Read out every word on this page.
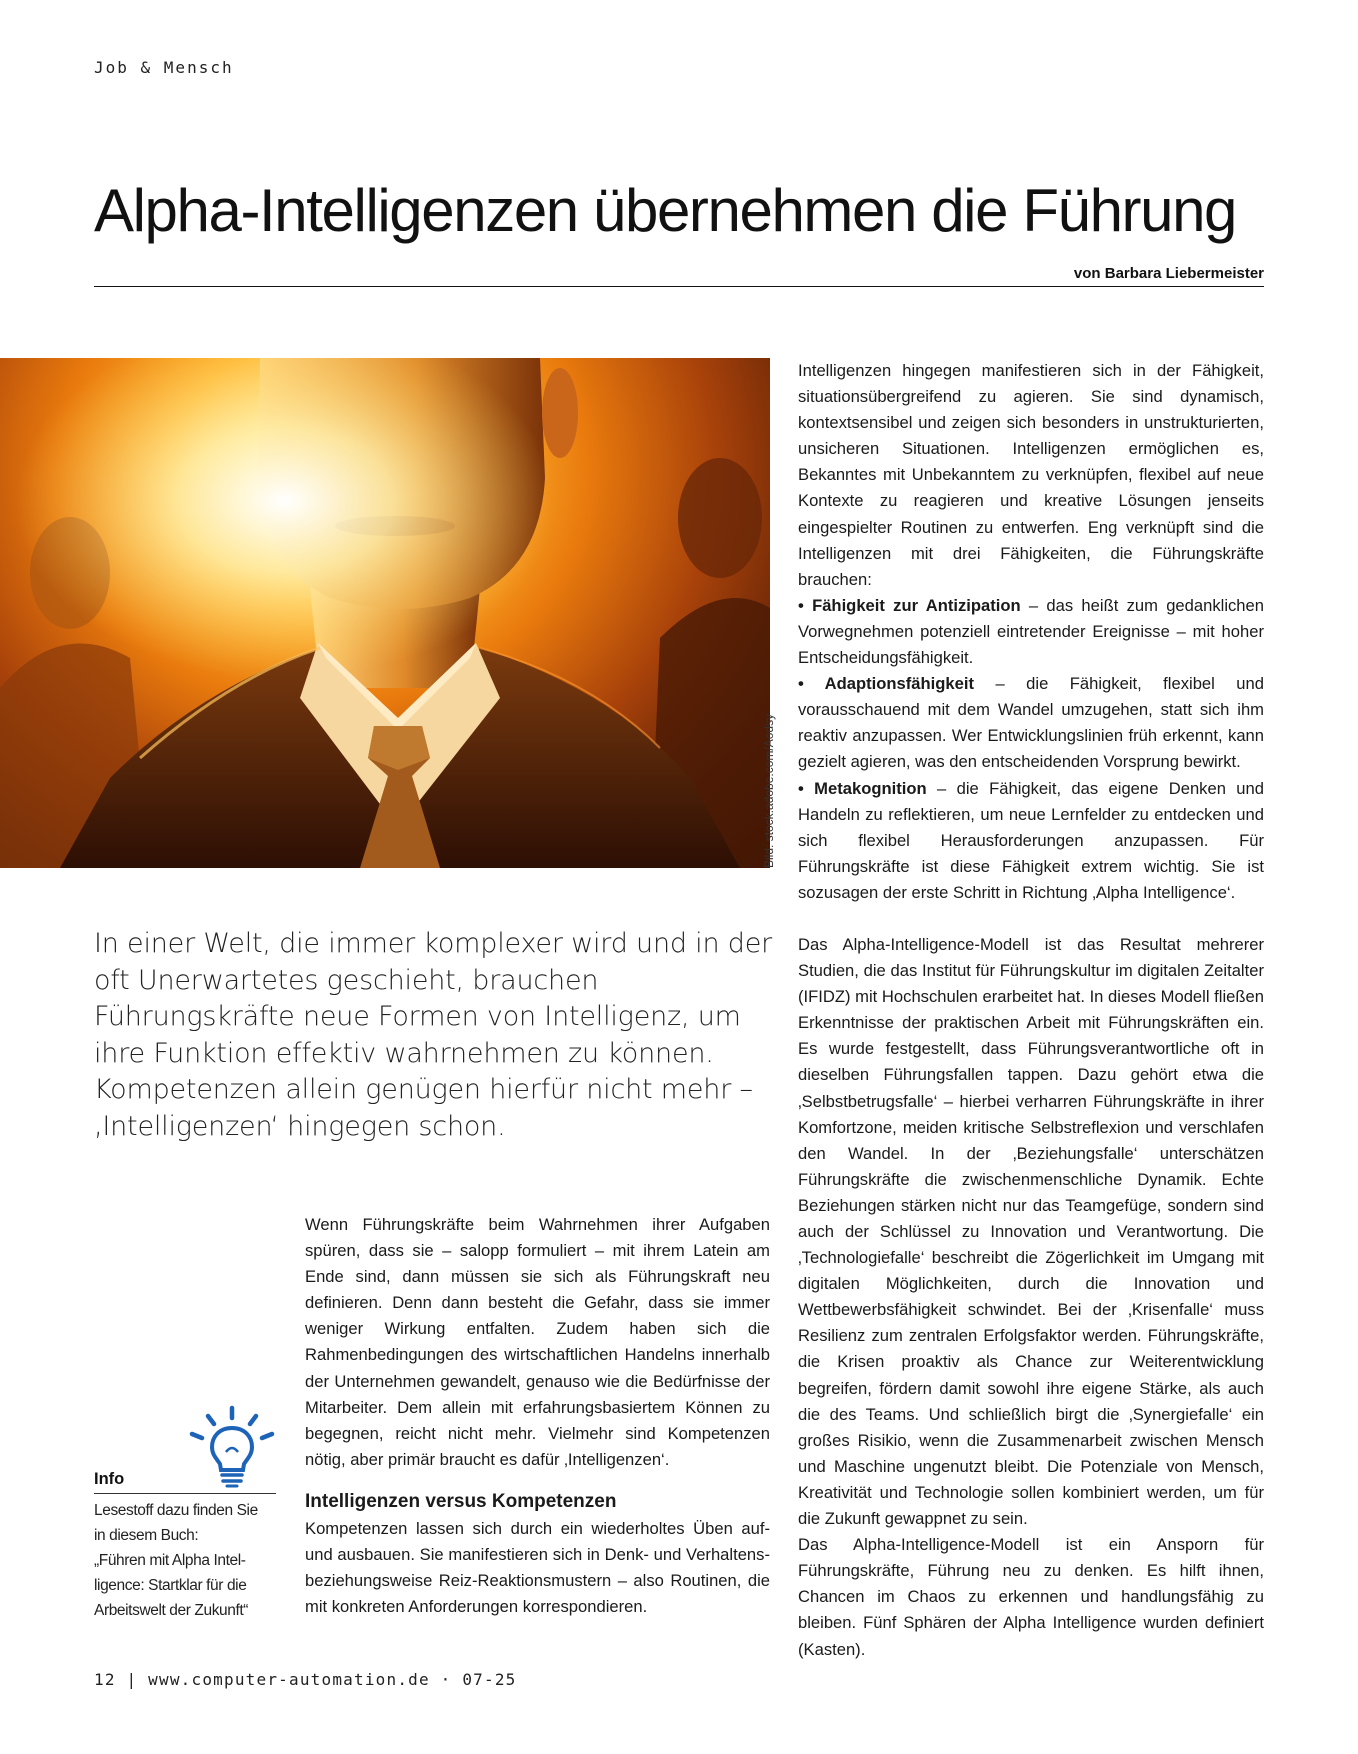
Job & Mensch
Alpha-Intelligenzen übernehmen die Führung
von Barbara Liebermeister
Bild: stock.adobe.com/Aodsy
In einer Welt, die immer komplexer wird und in der oft Unerwartetes geschieht, brauchen Führungskräfte neue Formen von Intelligenz, um ihre Funktion effektiv wahrnehmen zu können. Kompetenzen allein genügen hierfür nicht mehr – ‚Intelligenzen‘ hingegen schon.

Wenn Führungskräfte beim Wahrnehmen ihrer Aufgaben spüren, dass sie – salopp formuliert – mit ihrem Latein am Ende sind, dann müssen sie sich als Führungskraft neu definieren. Denn dann besteht die Gefahr, dass sie immer weniger Wirkung entfalten. Zudem haben sich die Rahmenbedingungen des wirtschaftlichen Handelns innerhalb der Unternehmen gewandelt, genauso wie die Bedürfnisse der Mitarbeiter. Dem allein mit erfahrungsbasiertem Können zu begegnen, reicht nicht mehr. Vielmehr sind Kompetenzen nötig, aber primär braucht es dafür ‚Intelligenzen‘.

Intelligenzen versus Kompetenzen

Kompetenzen lassen sich durch ein wiederholtes Üben auf- und ausbauen. Sie manifestieren sich in Denk- und Verhaltens- beziehungsweise Reiz-Reaktionsmustern – also Routinen, die mit konkreten Anforderungen korrespondieren.

Info
Lesestoff dazu finden Sie
in diesem Buch:
„Führen mit Alpha Intel-
ligence: Startklar für die
Arbeitswelt der Zukunft“

Intelligenzen hingegen manifestieren sich in der Fähigkeit, situationsübergreifend zu agieren. Sie sind dynamisch, kontextsensibel und zeigen sich besonders in unstrukturierten, unsicheren Situationen. Intelligenzen ermöglichen es, Bekanntes mit Unbekanntem zu verknüpfen, flexibel auf neue Kontexte zu reagieren und kreative Lösungen jenseits eingespielter Routinen zu entwerfen. Eng verknüpft sind die Intelligenzen mit drei Fähigkeiten, die Führungskräfte brauchen:

• Fähigkeit zur Antizipation – das heißt zum gedanklichen Vorwegnehmen potenziell eintretender Ereignisse – mit hoher Entscheidungsfähigkeit.

• Adaptionsfähigkeit – die Fähigkeit, flexibel und vorausschauend mit dem Wandel umzugehen, statt sich ihm reaktiv anzupassen. Wer Entwicklungslinien früh erkennt, kann gezielt agieren, was den entscheidenden Vorsprung bewirkt.

• Metakognition – die Fähigkeit, das eigene Denken und Handeln zu reflektieren, um neue Lernfelder zu entdecken und sich flexibel Herausforderungen anzupassen. Für Führungskräfte ist diese Fähigkeit extrem wichtig. Sie ist sozusagen der erste Schritt in Richtung ‚Alpha Intelligence‘.

Das Alpha-Intelligence-Modell ist das Resultat mehrerer Studien, die das Institut für Führungskultur im digitalen Zeitalter (IFIDZ) mit Hochschulen erarbeitet hat. In dieses Modell fließen Erkenntnisse der praktischen Arbeit mit Führungskräften ein. Es wurde festgestellt, dass Führungsverantwortliche oft in dieselben Führungsfallen tappen. Dazu gehört etwa die ‚Selbstbetrugsfalle‘ – hierbei verharren Führungskräfte in ihrer Komfortzone, meiden kritische Selbstreflexion und verschlafen den Wandel. In der ‚Beziehungsfalle‘ unterschätzen Führungskräfte die zwischenmenschliche Dynamik. Echte Beziehungen stärken nicht nur das Teamgefüge, sondern sind auch der Schlüssel zu Innovation und Verantwortung. Die ‚Technologiefalle‘ beschreibt die Zögerlichkeit im Umgang mit digitalen Möglichkeiten, durch die Innovation und Wettbewerbsfähigkeit schwindet. Bei der ‚Krisenfalle‘ muss Resilienz zum zentralen Erfolgsfaktor werden. Führungskräfte, die Krisen proaktiv als Chance zur Weiterentwicklung begreifen, fördern damit sowohl ihre eigene Stärke, als auch die des Teams. Und schließlich birgt die ‚Synergiefalle‘ ein großes Risikio, wenn die Zusammenarbeit zwischen Mensch und Maschine ungenutzt bleibt. Die Potenziale von Mensch, Kreativität und Technologie sollen kombiniert werden, um für die Zukunft gewappnet zu sein.

Das Alpha-Intelligence-Modell ist ein Ansporn für Führungskräfte, Führung neu zu denken. Es hilft ihnen, Chancen im Chaos zu erkennen und handlungsfähig zu bleiben. Fünf Sphären der Alpha Intelligence wurden definiert (Kasten).

12 | www.computer-automation.de · 07-25
